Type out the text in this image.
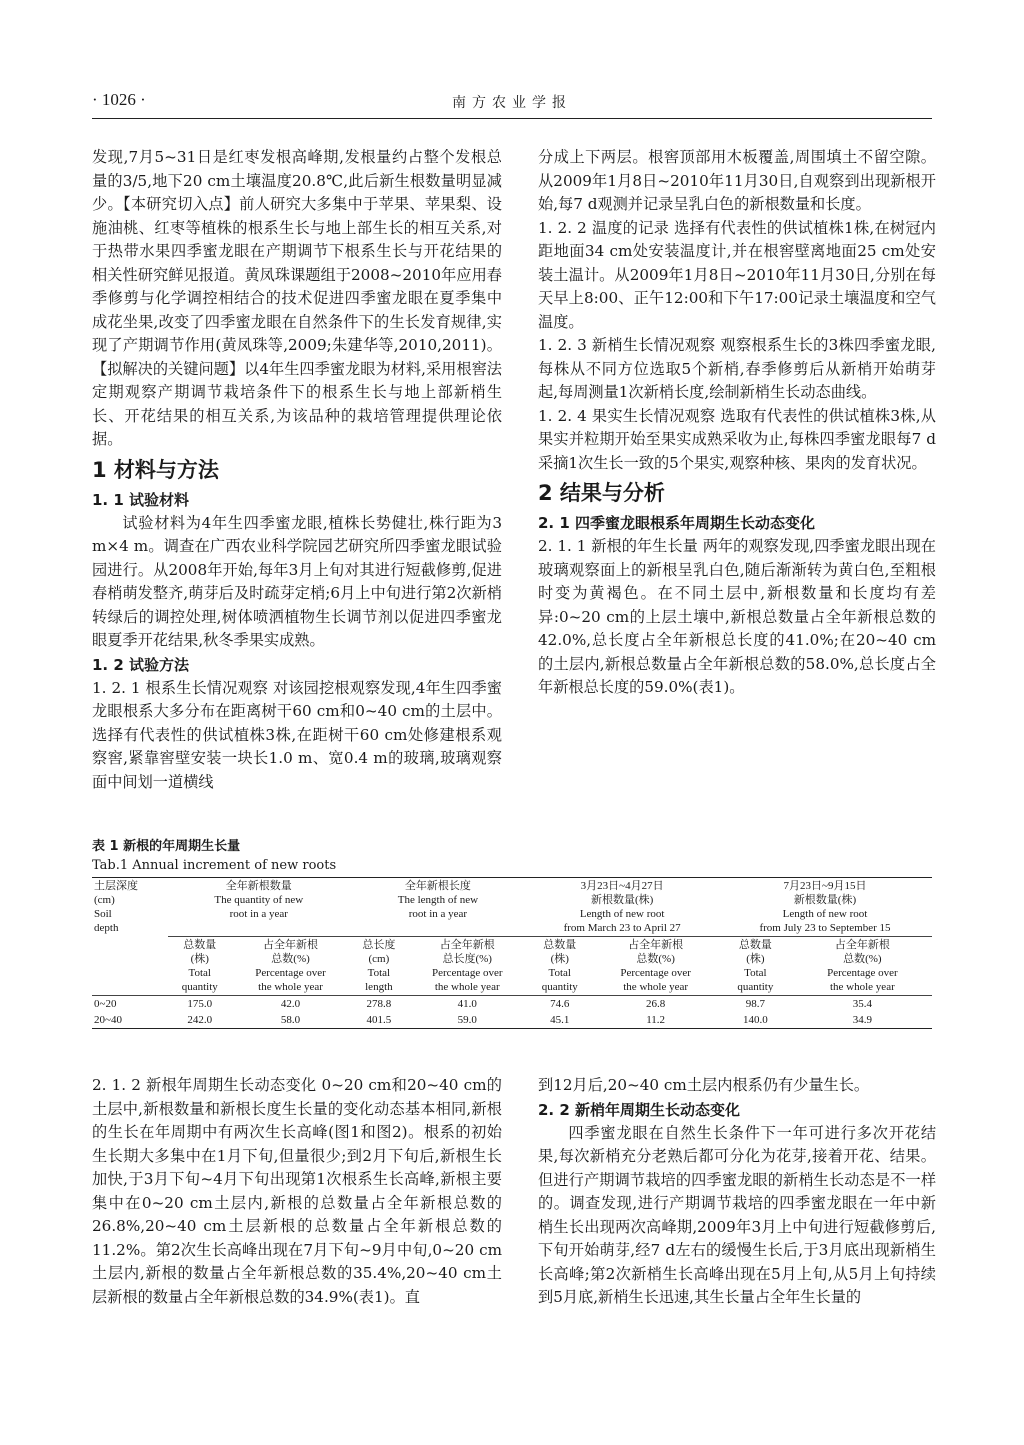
· 1026 ·	南方农业学报

发现,7月5~31日是红枣发根高峰期,发根量约占整个发根总量的3/5,地下20 cm土壤温度20.8℃,此后新生根数量明显减少。【本研究切入点】前人研究大多集中于苹果、苹果梨、设施油桃、红枣等植株的根系生长与地上部生长的相互关系,对于热带水果四季蜜龙眼在产期调节下根系生长与开花结果的相关性研究鲜见报道。黄凤珠课题组于2008~2010年应用春季修剪与化学调控相结合的技术促进四季蜜龙眼在夏季集中成花坐果,改变了四季蜜龙眼在自然条件下的生长发育规律,实现了产期调节作用(黄凤珠等,2009;朱建华等,2010,2011)。【拟解决的关键问题】以4年生四季蜜龙眼为材料,采用根窖法定期观察产期调节栽培条件下的根系生长与地上部新梢生长、开花结果的相互关系,为该品种的栽培管理提供理论依据。

1 材料与方法
1. 1 试验材料

试验材料为4年生四季蜜龙眼,植株长势健壮,株行距为3 m×4 m。调查在广西农业科学院园艺研究所四季蜜龙眼试验园进行。从2008年开始,每年3月上旬对其进行短截修剪,促进春梢萌发整齐,萌芽后及时疏芽定梢;6月上中旬进行第2次新梢转绿后的调控处理,树体喷洒植物生长调节剂以促进四季蜜龙眼夏季开花结果,秋冬季果实成熟。

1. 2 试验方法

1. 2. 1 根系生长情况观察 对该园挖根观察发现,4年生四季蜜龙眼根系大多分布在距离树干60 cm和0~40 cm的土层中。选择有代表性的供试植株3株,在距树干60 cm处修建根系观察窖,紧靠窖壁安装一块长1.0 m、宽0.4 m的玻璃,玻璃观察面中间划一道横线

分成上下两层。根窖顶部用木板覆盖,周围填土不留空隙。从2009年1月8日~2010年11月30日,自观察到出现新根开始,每7 d观测并记录呈乳白色的新根数量和长度。

1. 2. 2 温度的记录 选择有代表性的供试植株1株,在树冠内距地面34 cm处安装温度计,并在根窖壁离地面25 cm处安装土温计。从2009年1月8日~2010年11月30日,分别在每天早上8:00、正午12:00和下午17:00记录土壤温度和空气温度。

1. 2. 3 新梢生长情况观察 观察根系生长的3株四季蜜龙眼,每株从不同方位选取5个新梢,春季修剪后从新梢开始萌芽起,每周测量1次新梢长度,绘制新梢生长动态曲线。

1. 2. 4 果实生长情况观察 选取有代表性的供试植株3株,从果实并粒期开始至果实成熟采收为止,每株四季蜜龙眼每7 d采摘1次生长一致的5个果实,观察种核、果肉的发育状况。

2 结果与分析
2. 1 四季蜜龙眼根系年周期生长动态变化

2. 1. 1 新根的年生长量 两年的观察发现,四季蜜龙眼出现在玻璃观察面上的新根呈乳白色,随后渐渐转为黄白色,至粗根时变为黄褐色。在不同土层中,新根数量和长度均有差异:0~20 cm的上层土壤中,新根总数量占全年新根总数的42.0%,总长度占全年新根总长度的41.0%;在20~40 cm的土层内,新根总数量占全年新根总数的58.0%,总长度占全年新根总长度的59.0%(表1)。

表 1 新根的年周期生长量
Tab.1 Annual increment of new roots
土层深度
(cm)
Soil
depth	全年新根数量
The quantity of new
root in a year		全年新根长度
The length of new
root in a year		3月23日~4月27日
新根数量(株)
Length of new root
from March 23 to April 27		7月23日~9月15日
新根数量(株)
Length of new root
from July 23 to September 15	
	总数量
(株)
Total
quantity	占全年新根
总数(%)
Percentage over
the whole year	总长度
(cm)
Total
length	占全年新根
总长度(%)
Percentage over
the whole year	总数量
(株)
Total
quantity	占全年新根
总数(%)
Percentage over
the whole year	总数量
(株)
Total
quantity	占全年新根
总数(%)
Percentage over
the whole year
0~20	175.0	42.0	278.8	41.0	74.6	26.8	98.7	35.4
20~40	242.0	58.0	401.5	59.0	45.1	11.2	140.0	34.9

2. 1. 2 新根年周期生长动态变化 0~20 cm和20~40 cm的土层中,新根数量和新根长度生长量的变化动态基本相同,新根的生长在年周期中有两次生长高峰(图1和图2)。根系的初始生长期大多集中在1月下旬,但量很少;到2月下旬后,新根生长加快,于3月下旬~4月下旬出现第1次根系生长高峰,新根主要集中在0~20 cm土层内,新根的总数量占全年新根总数的26.8%,20~40 cm土层新根的总数量占全年新根总数的11.2%。第2次生长高峰出现在7月下旬~9月中旬,0~20 cm土层内,新根的数量占全年新根总数的35.4%,20~40 cm土层新根的数量占全年新根总数的34.9%(表1)。直

到12月后,20~40 cm土层内根系仍有少量生长。

2. 2 新梢年周期生长动态变化

四季蜜龙眼在自然生长条件下一年可进行多次开花结果,每次新梢充分老熟后都可分化为花芽,接着开花、结果。但进行产期调节栽培的四季蜜龙眼的新梢生长动态是不一样的。调查发现,进行产期调节栽培的四季蜜龙眼在一年中新梢生长出现两次高峰期,2009年3月上中旬进行短截修剪后,下旬开始萌芽,经7 d左右的缓慢生长后,于3月底出现新梢生长高峰;第2次新梢生长高峰出现在5月上旬,从5月上旬持续到5月底,新梢生长迅速,其生长量占全年生长量的
